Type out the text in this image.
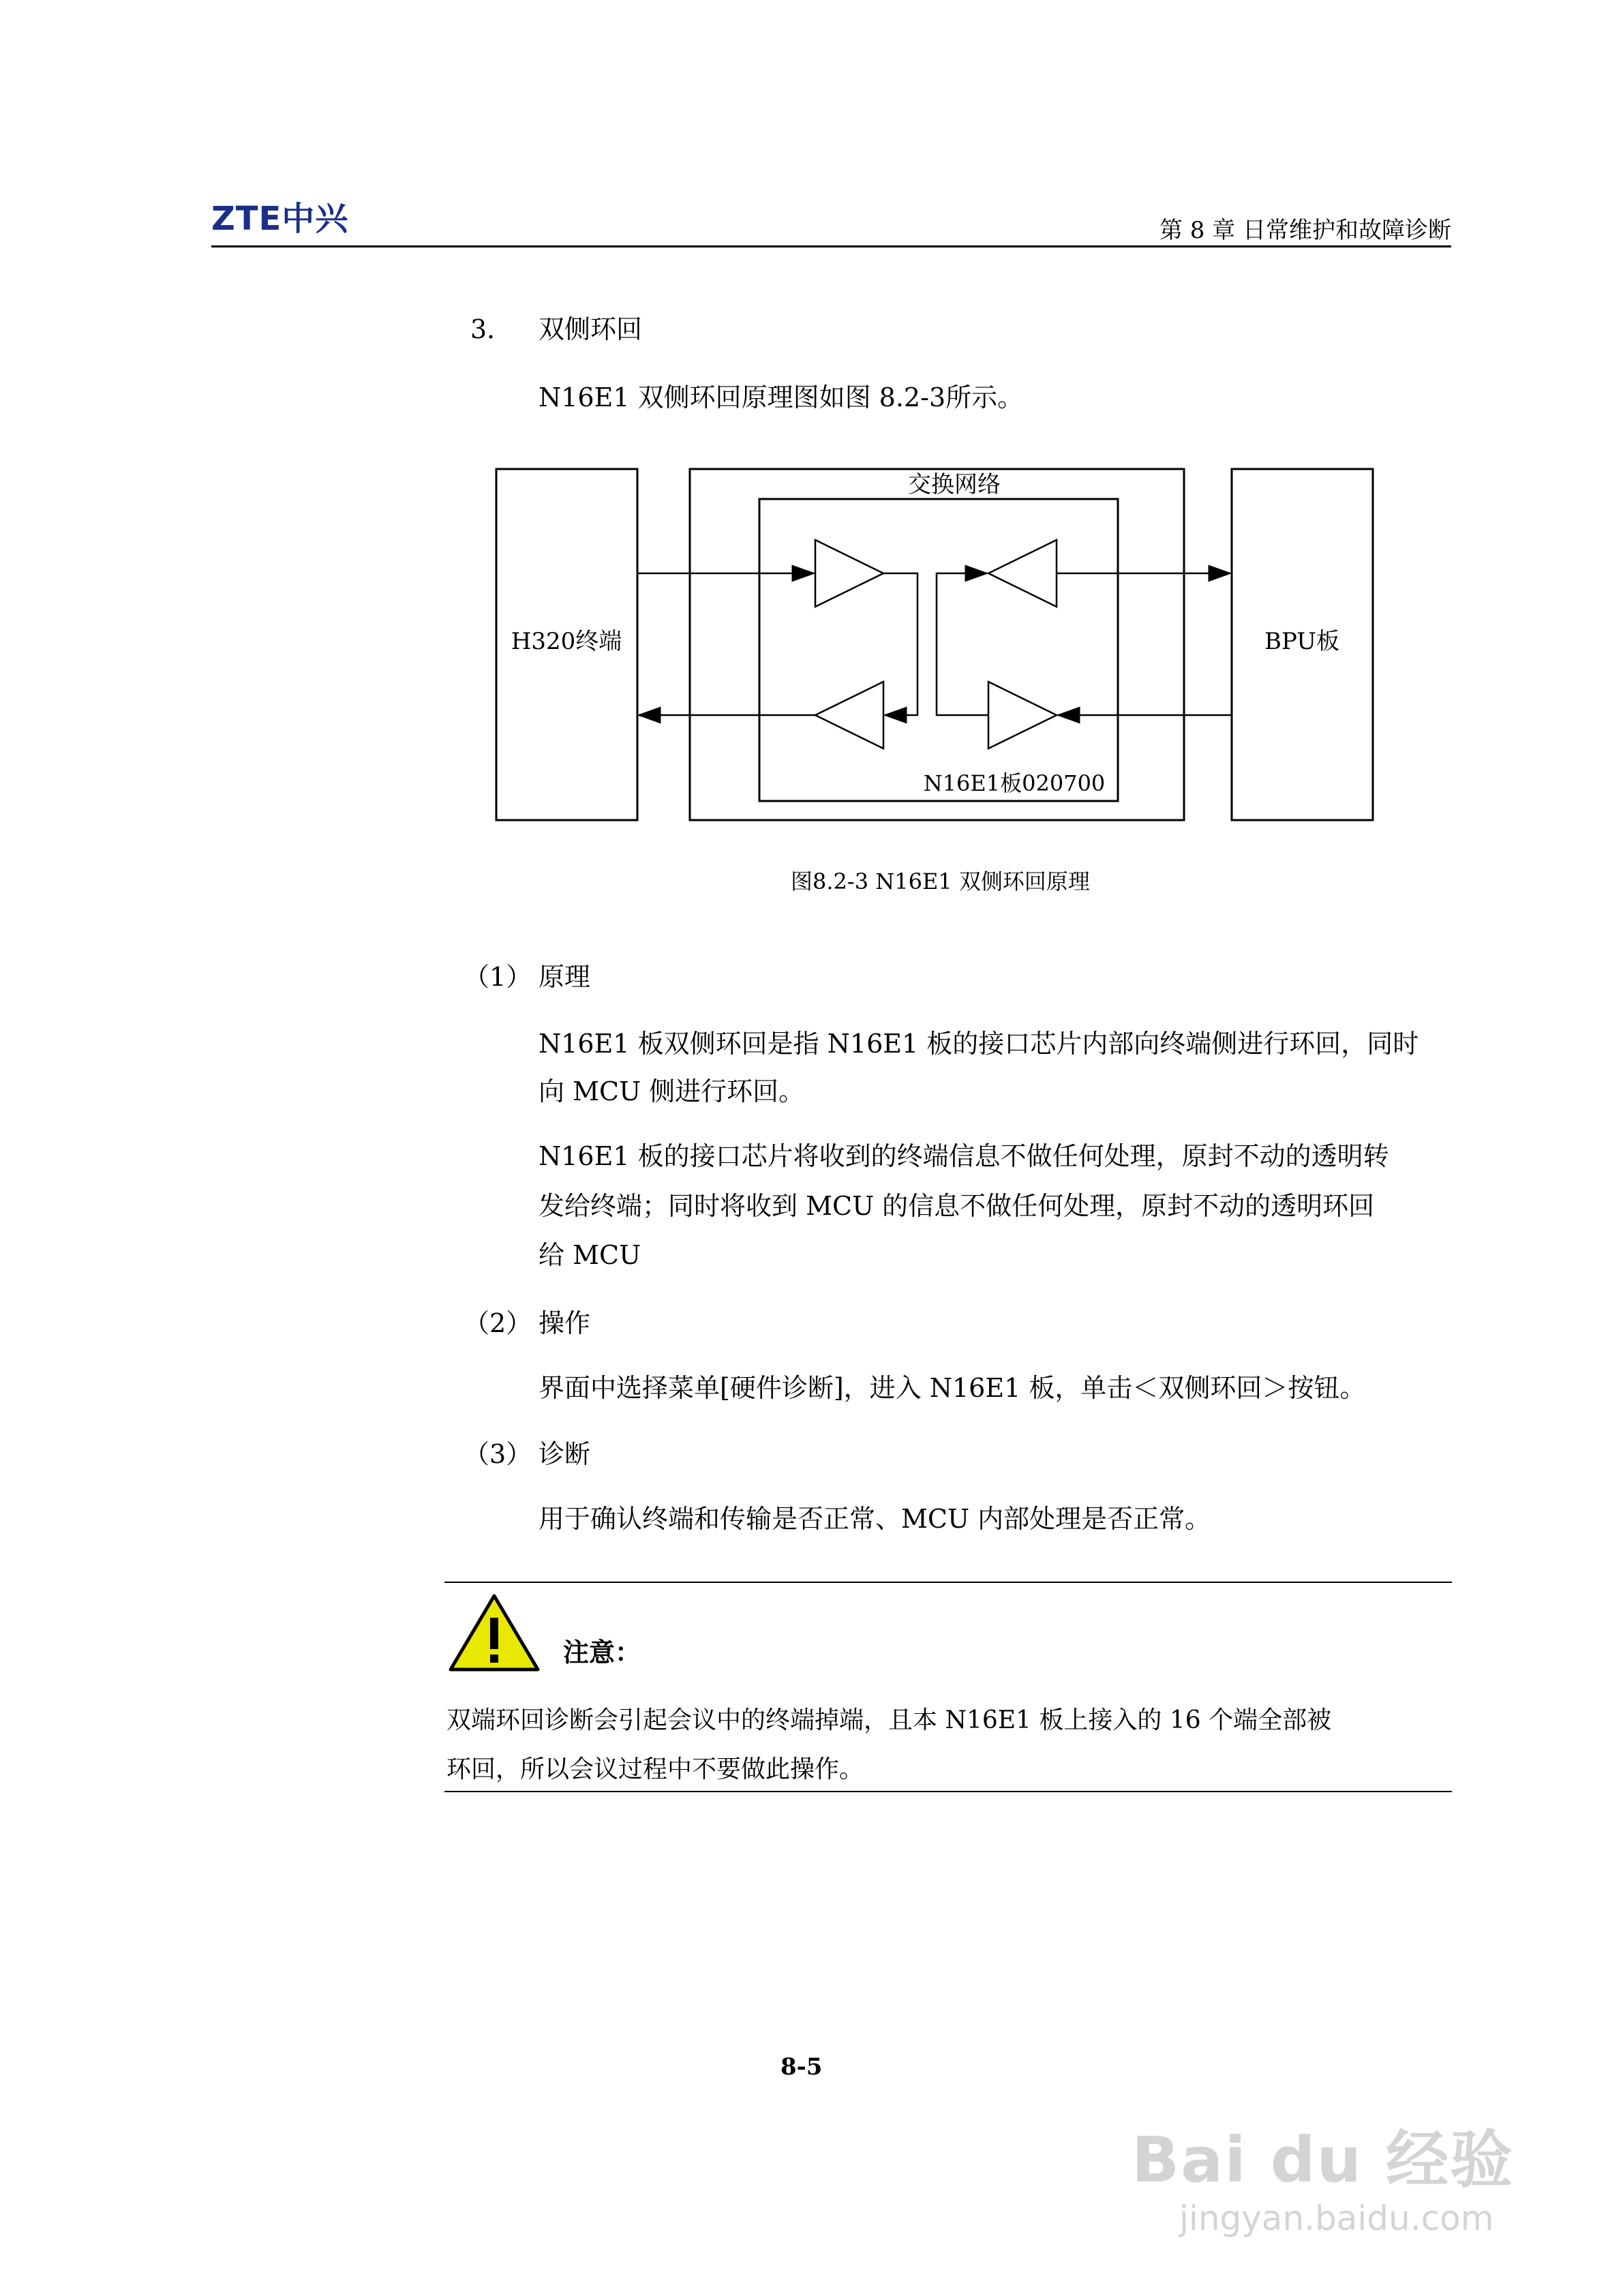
ZTE中兴	第 8 章 日常维护和故障诊断
3． 双侧环回
N16E1 双侧环回原理图如图 8.2-3所示。
交换网络
H320终端	BPU板
N16E1板020700
图8.2-3 N16E1 双侧环回原理
（1） 原理
N16E1 板双侧环回是指 N16E1 板的接口芯片内部向终端侧进行环回，同时
向 MCU 侧进行环回。
N16E1 板的接口芯片将收到的终端信息不做任何处理，原封不动的透明转
发给终端；同时将收到 MCU 的信息不做任何处理，原封不动的透明环回
给 MCU
（2） 操作
界面中选择菜单[硬件诊断]，进入 N16E1 板，单击＜双侧环回＞按钮。
（3） 诊断
用于确认终端和传输是否正常、MCU 内部处理是否正常。
注意：
双端环回诊断会引起会议中的终端掉端，且本 N16E1 板上接入的 16 个端全部被
环回，所以会议过程中不要做此操作。
8-5
Bai du 经验
jingyan.baidu.com
